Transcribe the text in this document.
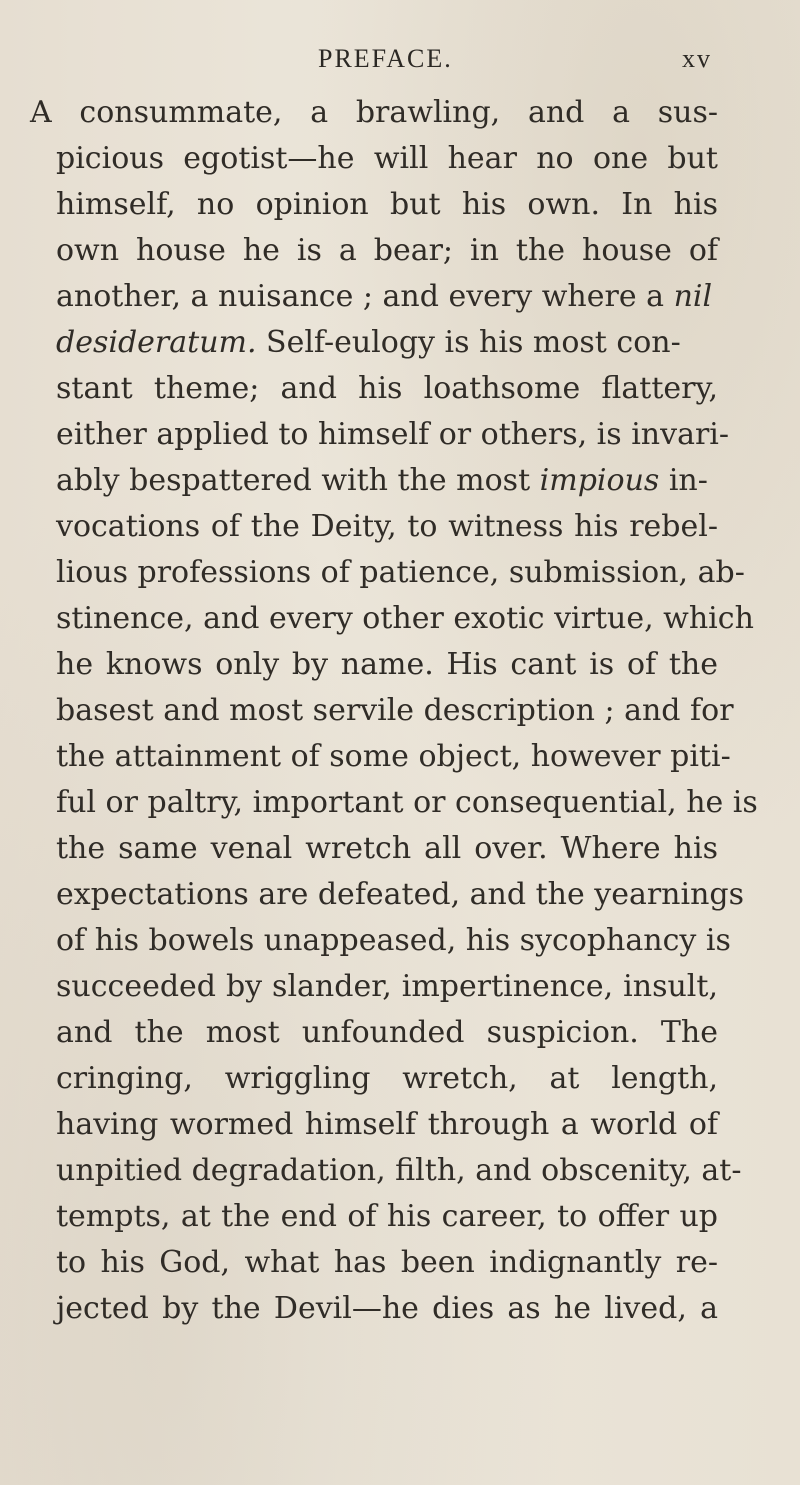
PREFACE.	xv
A consummate, a brawling, and a sus-
picious egotist—he will hear no one but
himself, no opinion but his own. In his
own house he is a bear; in the house of
another, a nuisance ; and every where a nil
desideratum. Self-eulogy is his most con-
stant theme; and his loathsome flattery,
either applied to himself or others, is invari-
ably bespattered with the most impious in-
vocations of the Deity, to witness his rebel-
lious professions of patience, submission, ab-
stinence, and every other exotic virtue, which
he knows only by name. His cant is of the
basest and most servile description ; and for
the attainment of some object, however piti-
ful or paltry, important or consequential, he is
the same venal wretch all over. Where his
expectations are defeated, and the yearnings
of his bowels unappeased, his sycophancy is
succeeded by slander, impertinence, insult,
and the most unfounded suspicion. The
cringing, wriggling wretch, at length,
having wormed himself through a world of
unpitied degradation, filth, and obscenity, at-
tempts, at the end of his career, to offer up
to his God, what has been indignantly re-
jected by the Devil—he dies as he lived, a
